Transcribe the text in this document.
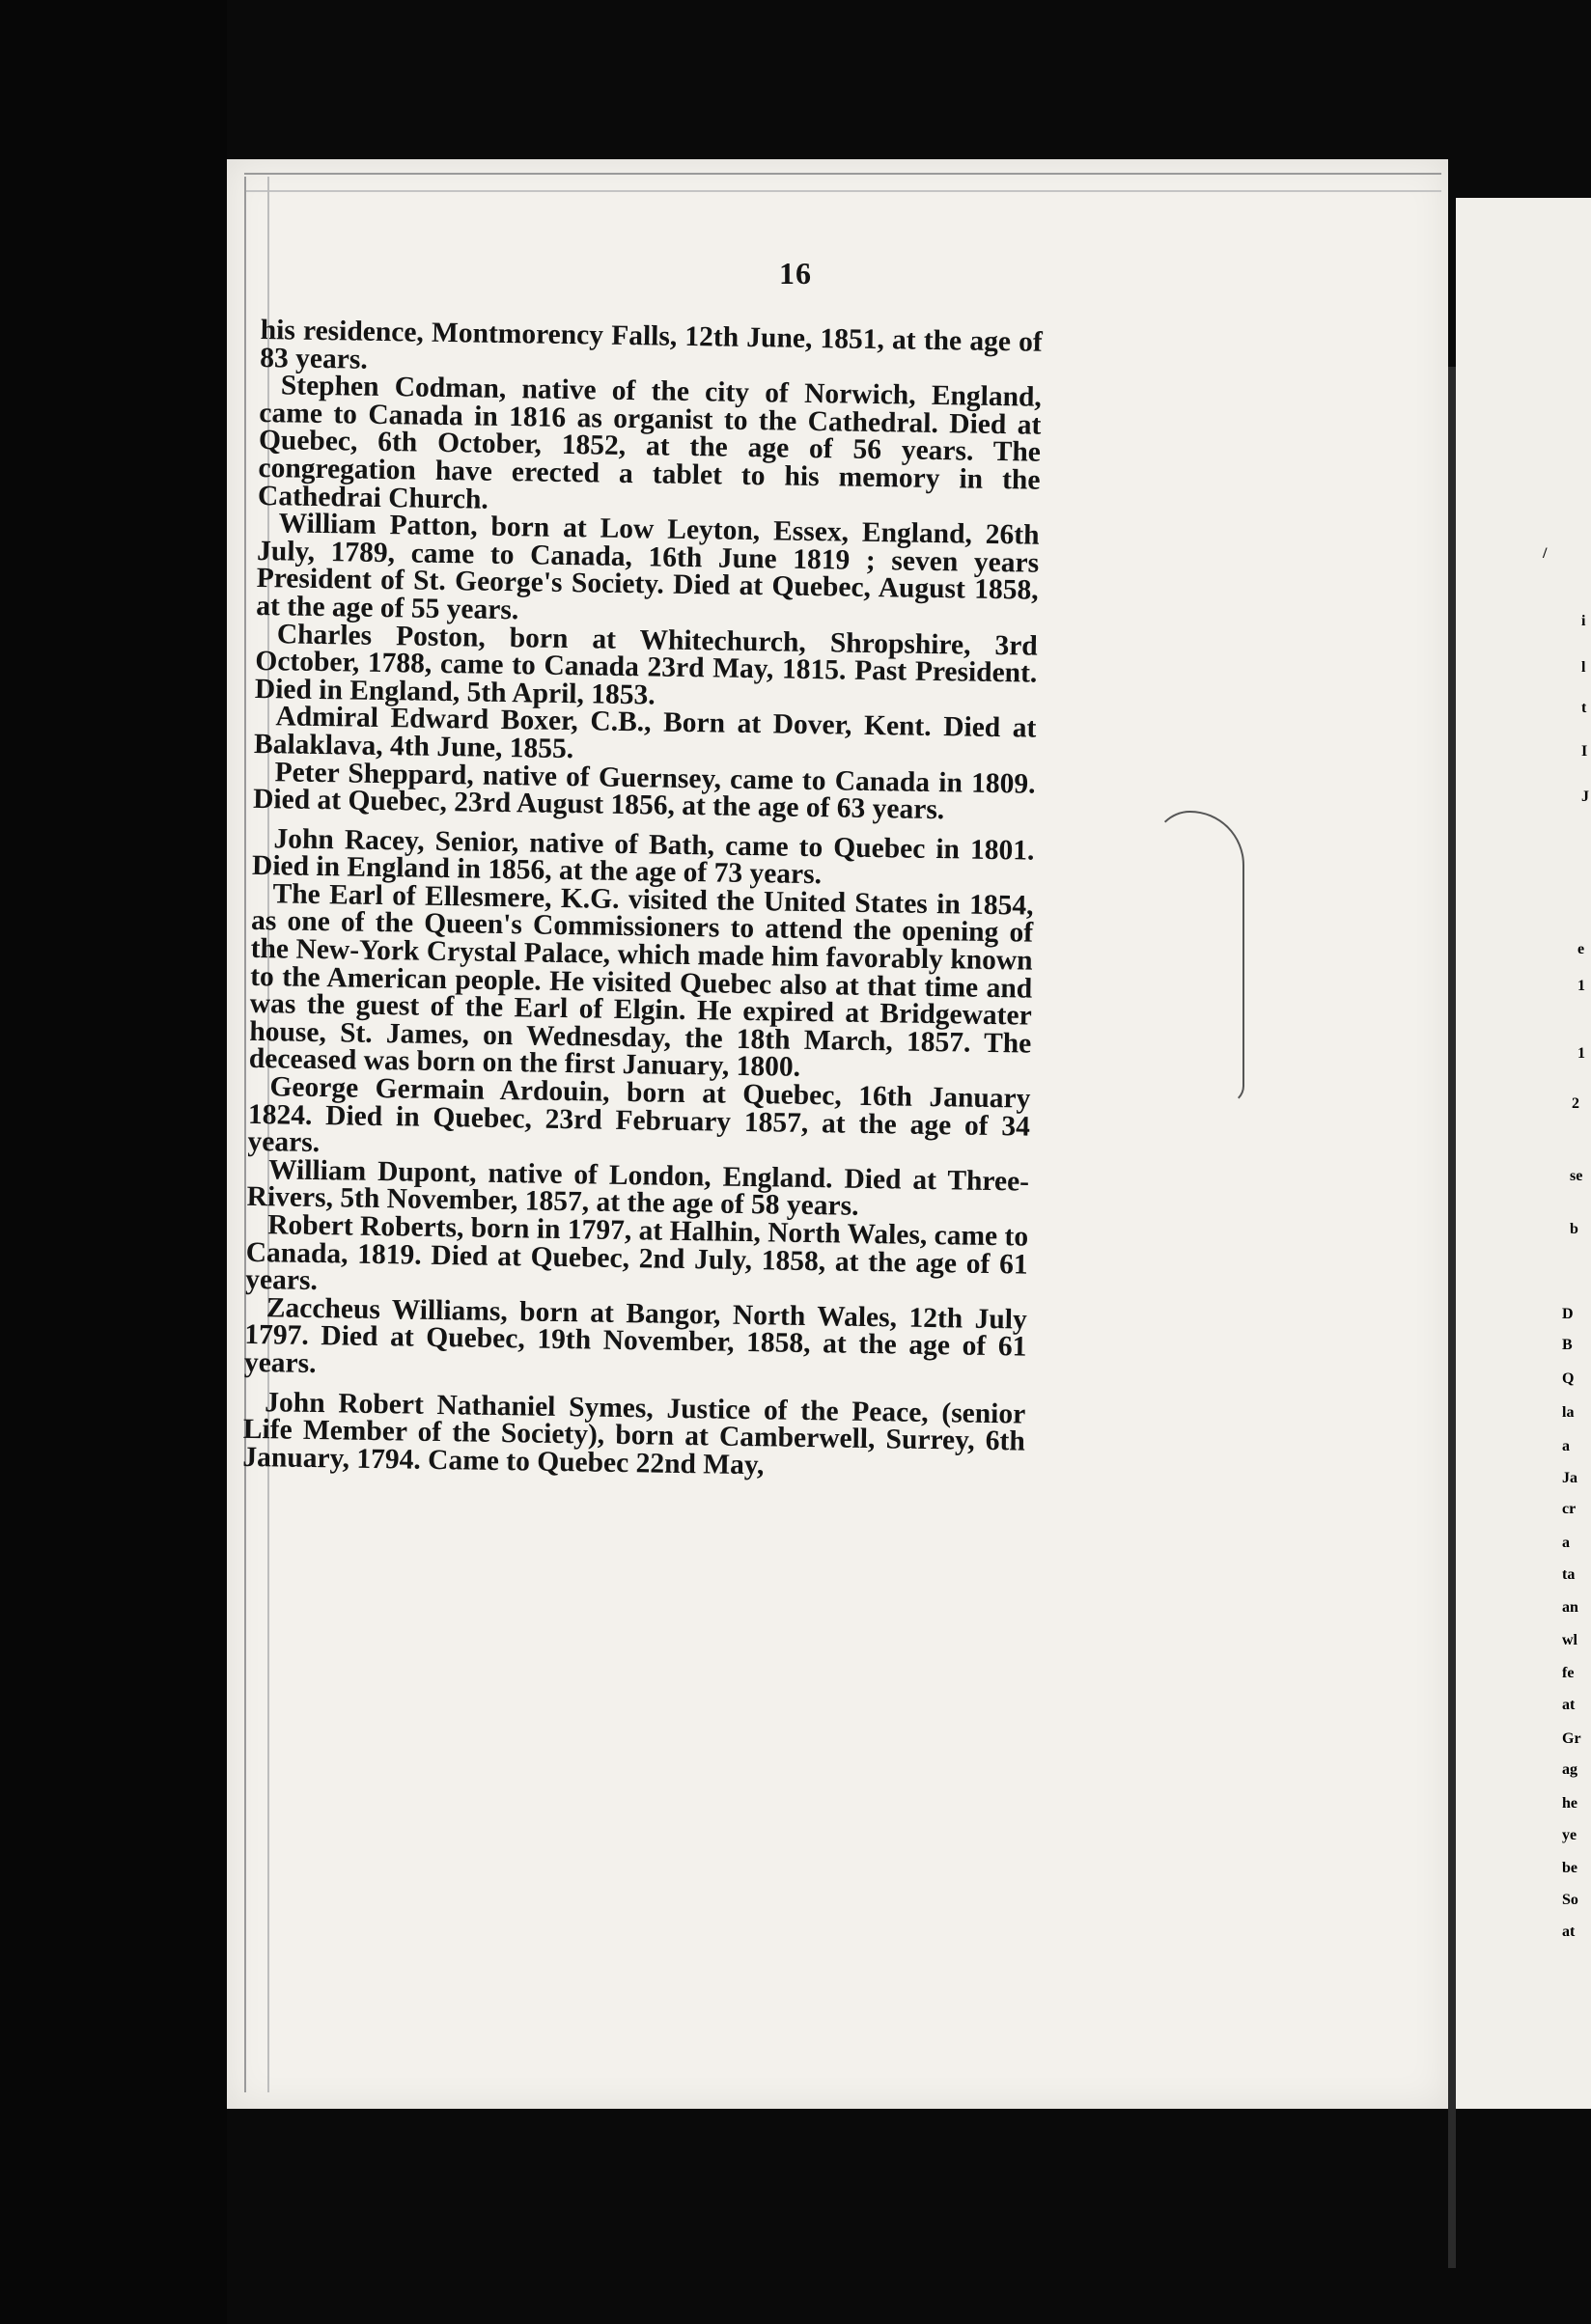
/
i
l
t
I
J
e
1
1
2
se
b
D
B
Q
la
a
Ja
cr
a
ta
an
wl
fe
at
Gr
ag
he
ye
be
So
at
16

his residence, Montmorency Falls, 12th June, 1851, at the age of 83 years.

Stephen Codman, native of the city of Norwich, England, came to Canada in 1816 as organist to the Cathedral. Died at Quebec, 6th October, 1852, at the age of 56 years. The congregation have erected a tablet to his memory in the Cathedrai Church.

William Patton, born at Low Leyton, Essex, England, 26th July, 1789, came to Canada, 16th June 1819 ; seven years President of St. George's Society. Died at Quebec, August 1858, at the age of 55 years.

Charles Poston, born at Whitechurch, Shropshire, 3rd October, 1788, came to Canada 23rd May, 1815. Past President. Died in England, 5th April, 1853.

Admiral Edward Boxer, C.B., Born at Dover, Kent. Died at Balaklava, 4th June, 1855.

Peter Sheppard, native of Guernsey, came to Canada in 1809. Died at Quebec, 23rd August 1856, at the age of 63 years.

John Racey, Senior, native of Bath, came to Quebec in 1801. Died in England in 1856, at the age of 73 years.

The Earl of Ellesmere, K.G. visited the United States in 1854, as one of the Queen's Commissioners to attend the opening of the New-York Crystal Palace, which made him favorably known to the American people. He visited Quebec also at that time and was the guest of the Earl of Elgin. He expired at Bridgewater house, St. James, on Wednesday, the 18th March, 1857. The deceased was born on the first January, 1800.

George Germain Ardouin, born at Quebec, 16th January 1824. Died in Quebec, 23rd February 1857, at the age of 34 years.

William Dupont, native of London, England. Died at Three-Rivers, 5th November, 1857, at the age of 58 years.

Robert Roberts, born in 1797, at Halhin, North Wales, came to Canada, 1819. Died at Quebec, 2nd July, 1858, at the age of 61 years.

Zaccheus Williams, born at Bangor, North Wales, 12th July 1797. Died at Quebec, 19th November, 1858, at the age of 61 years.

John Robert Nathaniel Symes, Justice of the Peace, (senior Life Member of the Society), born at Camberwell, Surrey, 6th January, 1794. Came to Quebec 22nd May,
